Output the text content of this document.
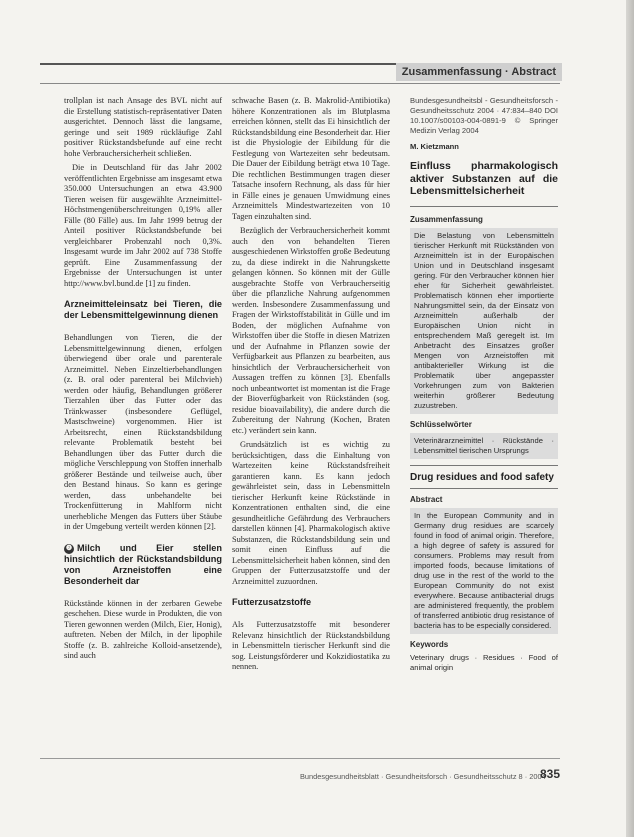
Zusammenfassung · Abstract

trollplan ist nach Ansage des BVL nicht auf die Erstellung statistisch-repräsentativer Daten ausgerichtet. Dennoch lässt die langsame, geringe und seit 1989 rückläufige Zahl positiver Rückstandsbefunde auf eine recht hohe Verbrauchersicherheit schließen.

Die in Deutschland für das Jahr 2002 veröffentlichten Ergebnisse am insgesamt etwa 350.000 Untersuchungen an etwa 43.900 Tieren weisen für ausgewählte Arzneimittel-Höchstmengenüberschreitungen 0,19% aller Fälle (80 Fälle) aus. Im Jahr 1999 betrug der Anteil positiver Rückstandsbefunde bei vergleichbarer Probenzahl noch 0,3%. Insgesamt wurde im Jahr 2002 auf 738 Stoffe geprüft. Eine Zusammenfassung der Ergebnisse der Untersuchungen ist unter http://www.bvl.bund.de [1] zu finden.

Arzneimitteleinsatz bei Tieren, die der Lebensmittelgewinnung dienen

Behandlungen von Tieren, die der Lebensmittelgewinnung dienen, erfolgen überwiegend über orale und parenterale Arzneimittel. Neben Einzeltierbehandlungen (z. B. oral oder parenteral bei Milchvieh) werden oder häufig, Behandlungen größerer Tierzahlen über das Futter oder das Tränkwasser (insbesondere Geflügel, Mastschweine) vorgenommen. Hier ist Arbeitsrecht, einen Rückstandsbildung relevante Problematik besteht bei Behandlungen über das Futter durch die mögliche Verschleppung von Stoffen innerhalb größerer Bestände und teilweise auch, über den Bestand hinaus. So kann es geringe werden, dass unbehandelte bei Trockenfütterung in Mahlform nicht unerhebliche Mengen das Futters über Stäube in der Umgebung verteilt werden können [2].

❷ Milch und Eier stellen hinsichtlich der Rückstandsbildung von Arzneistoffen eine Besonderheit dar

Rückstände können in der zerbaren Gewebe geschehen. Diese wurde in Produkten, die von Tieren gewonnen werden (Milch, Eier, Honig), auftreten. Neben der Milch, in der lipophile Stoffe (z. B. zahlreiche Kolloid-ansetzende), sind auch

schwache Basen (z. B. Makrolid-Antibiotika) höhere Konzentrationen als im Blutplasma erreichen können, stellt das Ei hinsichtlich der Rückstandsbildung eine Besonderheit dar. Hier ist die Physiologie der Eibildung für die Festlegung von Wartezeiten sehr bedeutsam. Die Dauer der Eibildung beträgt etwa 10 Tage. Die rechtlichen Bestimmungen tragen dieser Tatsache insofern Rechnung, als dass für hier in Fälle eines je genauen Umwidmung eines Arzneimittels Mindestwartezeiten von 10 Tagen einzuhalten sind.

Bezüglich der Verbrauchersicherheit kommt auch den von behandelten Tieren ausgeschiedenen Wirkstoffen große Bedeutung zu, da diese indirekt in die Nahrungskette gelangen können. So können mit der Gülle ausgebrachte Stoffe von Verbraucherseitig über die pflanzliche Nahrung aufgenommen werden. Insbesondere Zusammenfassung und Fragen der Wirkstoffstabilität in Gülle und im Boden, der möglichen Aufnahme von Wirkstoffen über die Stoffe in diesen Matrizen und der Aufnahme in Pflanzen sowie der Verfügbarkeit aus Pflanzen zu bearbeiten, aus hinsichtlich der Verbrauchersicherheit von Aussagen treffen zu können [3]. Ebenfalls noch unbeantwortet ist momentan ist die Frage der Bioverfügbarkeit von Rückständen (sog. residue bioavailability), die andere durch die Zubereitung der Nahrung (Kochen, Braten etc.) verändert sein kann.

Grundsätzlich ist es wichtig zu berücksichtigen, dass die Einhaltung von Wartezeiten keine Rückstandsfreiheit garantieren kann. Es kann jedoch gewährleistet sein, dass in Lebensmitteln tierischer Herkunft keine Rückstände in Konzentrationen enthalten sind, die eine gesundheitliche Gefährdung des Verbrauchers darstellen können [4]. Pharmakologisch aktive Substanzen, die Rückstandsbildung sein und somit einen Einfluss auf die Lebensmittelsicherheit haben können, sind den Gruppen der Futterzusatzstoffe und der Arzneimittel zuzuordnen.

Futterzusatzstoffe

Als Futterzusatzstoffe mit besonderer Relevanz hinsichtlich der Rückstandsbildung in Lebensmitteln tierischer Herkunft sind die sog. Leistungsförderer und Kokzidiostatika zu nennen.

Bundesgesundheitsbl - Gesundheitsforsch - Gesundheitsschutz 2004 · 47:834–840 DOI 10.1007/s00103-004-0891-9 © Springer Medizin Verlag 2004
M. Kietzmann
Einfluss pharmakologisch aktiver Substanzen auf die Lebensmittelsicherheit
Zusammenfassung
Die Belastung von Lebensmitteln tierischer Herkunft mit Rückständen von Arzneimitteln ist in der Europäischen Union und in Deutschland insgesamt gering. Für den Verbraucher können hier eher für Sicherheit gewährleistet. Problematisch können eher importierte Nahrungsmittel sein, da der Einsatz von Arzneimitteln außerhalb der Europäischen Union nicht in entsprechendem Maß geregelt ist. Im Anbetracht des Einsatzes großer Mengen von Arzneistoffen mit antibakterieller Wirkung ist die Problematik über angepasster Vorkehrungen zum von Bakterien weiterhin größerer Bedeutung zuzustreben.
Schlüsselwörter
Veterinärarzneimittel · Rückstände · Lebensmittel tierischen Ursprungs
Drug residues and food safety
Abstract
In the European Community and in Germany drug residues are scarcely found in food of animal origin. Therefore, a high degree of safety is assured for consumers. Problems may result from imported foods, because limitations of drug use in the rest of the world to the European Community do not exist everywhere. Because antibacterial drugs are administered frequently, the problem of transferred antibiotic drug resistance of bacteria has to be especially considered.
Keywords
Veterinary drugs · Residues · Food of animal origin
Bundesgesundheitsblatt · Gesundheitsforsch · Gesundheitsschutz 8 · 2004
835
